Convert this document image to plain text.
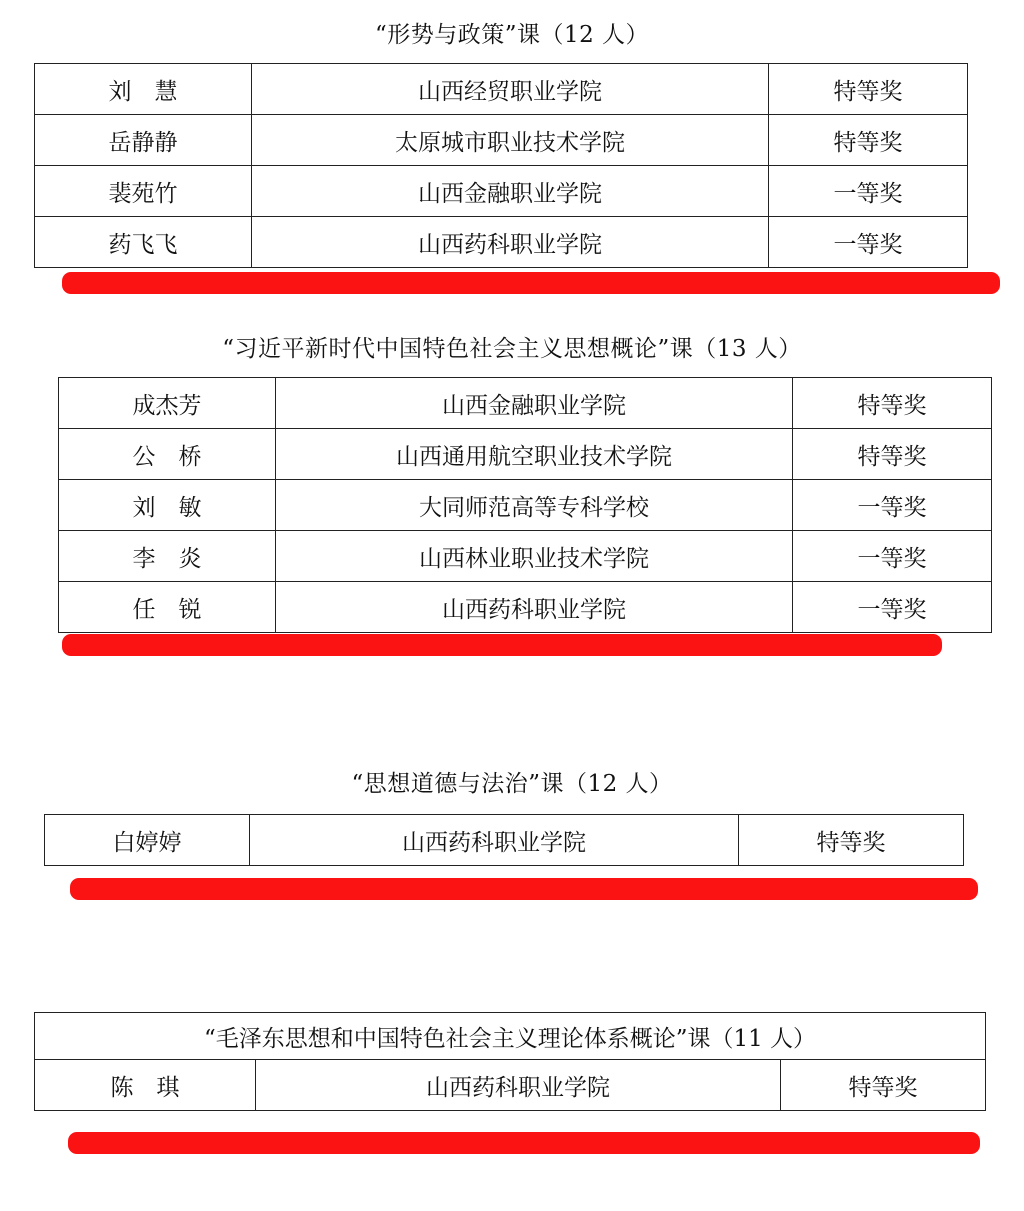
“形势与政策”课（12 人）
刘　慧	山西经贸职业学院	特等奖
岳静静	太原城市职业技术学院	特等奖
裴苑竹	山西金融职业学院	一等奖
药飞飞	山西药科职业学院	一等奖
“习近平新时代中国特色社会主义思想概论”课（13 人）
成杰芳	山西金融职业学院	特等奖
公　桥	山西通用航空职业技术学院	特等奖
刘　敏	大同师范高等专科学校	一等奖
李　炎	山西林业职业技术学院	一等奖
任　锐	山西药科职业学院	一等奖
“思想道德与法治”课（12 人）
白婷婷	山西药科职业学院	特等奖
“毛泽东思想和中国特色社会主义理论体系概论”课（11 人）
陈　琪	山西药科职业学院	特等奖
